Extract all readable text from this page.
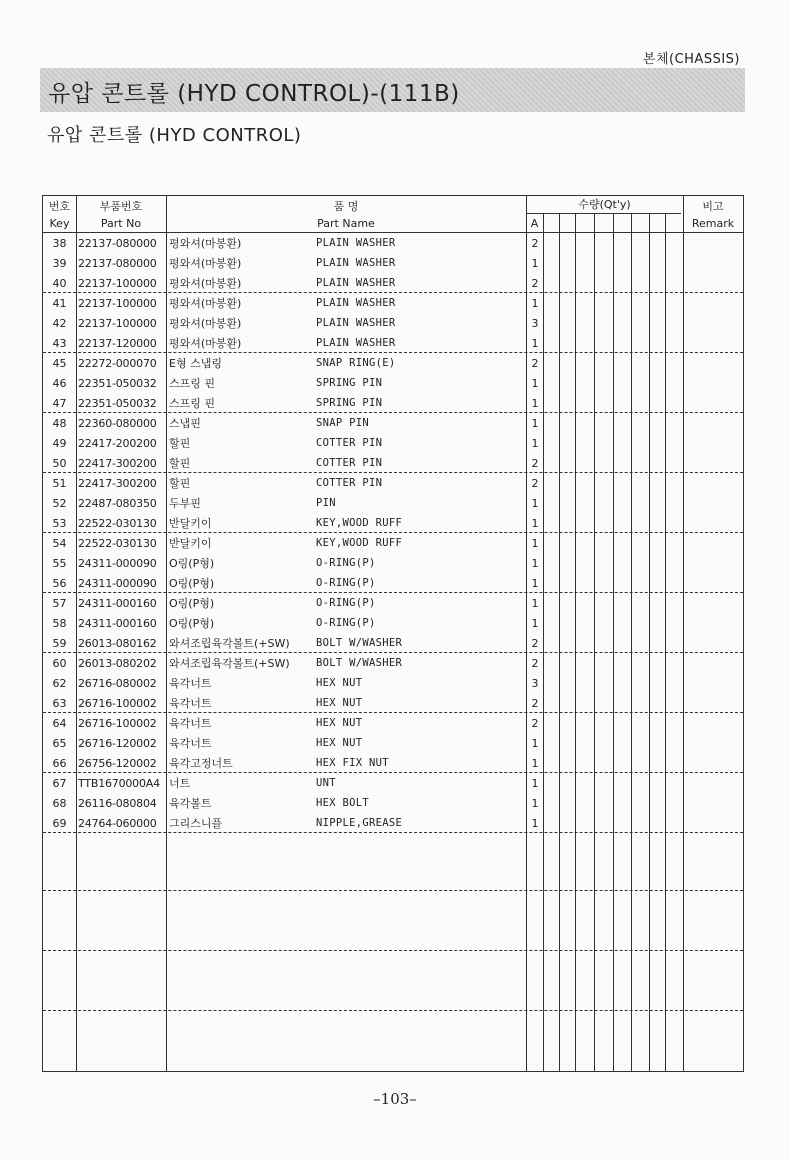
본체(CHASSIS)
유압 콘트롤 (HYD CONTROL)-(111B)
유압 콘트롤 (HYD CONTROL)
번호
Key
부품번호
Part No
품 명
Part Name
수량(Qt'y)
A
비고
Remark
38	22137-080000	평와셔(마봉환)	PLAIN WASHER	2
39	22137-080000	평와셔(마봉환)	PLAIN WASHER	1
40	22137-100000	평와셔(마봉환)	PLAIN WASHER	2
41	22137-100000	평와셔(마봉환)	PLAIN WASHER	1
42	22137-100000	평와셔(마봉환)	PLAIN WASHER	3
43	22137-120000	평와셔(마봉환)	PLAIN WASHER	1
45	22272-000070	E형 스냅링	SNAP RING(E)	2
46	22351-050032	스프링 핀	SPRING PIN	1
47	22351-050032	스프링 핀	SPRING PIN	1
48	22360-080000	스냅핀	SNAP PIN	1
49	22417-200200	할핀	COTTER PIN	1
50	22417-300200	할핀	COTTER PIN	2
51	22417-300200	할핀	COTTER PIN	2
52	22487-080350	두부핀	PIN	1
53	22522-030130	반달키이	KEY,WOOD RUFF	1
54	22522-030130	반달키이	KEY,WOOD RUFF	1
55	24311-000090	O링(P형)	O-RING(P)	1
56	24311-000090	O링(P형)	O-RING(P)	1
57	24311-000160	O링(P형)	O-RING(P)	1
58	24311-000160	O링(P형)	O-RING(P)	1
59	26013-080162	와셔조립육각볼트(+SW)	BOLT W/WASHER	2
60	26013-080202	와셔조립육각볼트(+SW)	BOLT W/WASHER	2
62	26716-080002	육각너트	HEX NUT	3
63	26716-100002	육각너트	HEX NUT	2
64	26716-100002	육각너트	HEX NUT	2
65	26716-120002	육각너트	HEX NUT	1
66	26756-120002	육각고정너트	HEX FIX NUT	1
67	TTB1670000A4 너트	UNT	1
68	26116-080804	육각볼트	HEX BOLT	1
69	24764-060000	그리스니플	NIPPLE,GREASE	1
–103–
